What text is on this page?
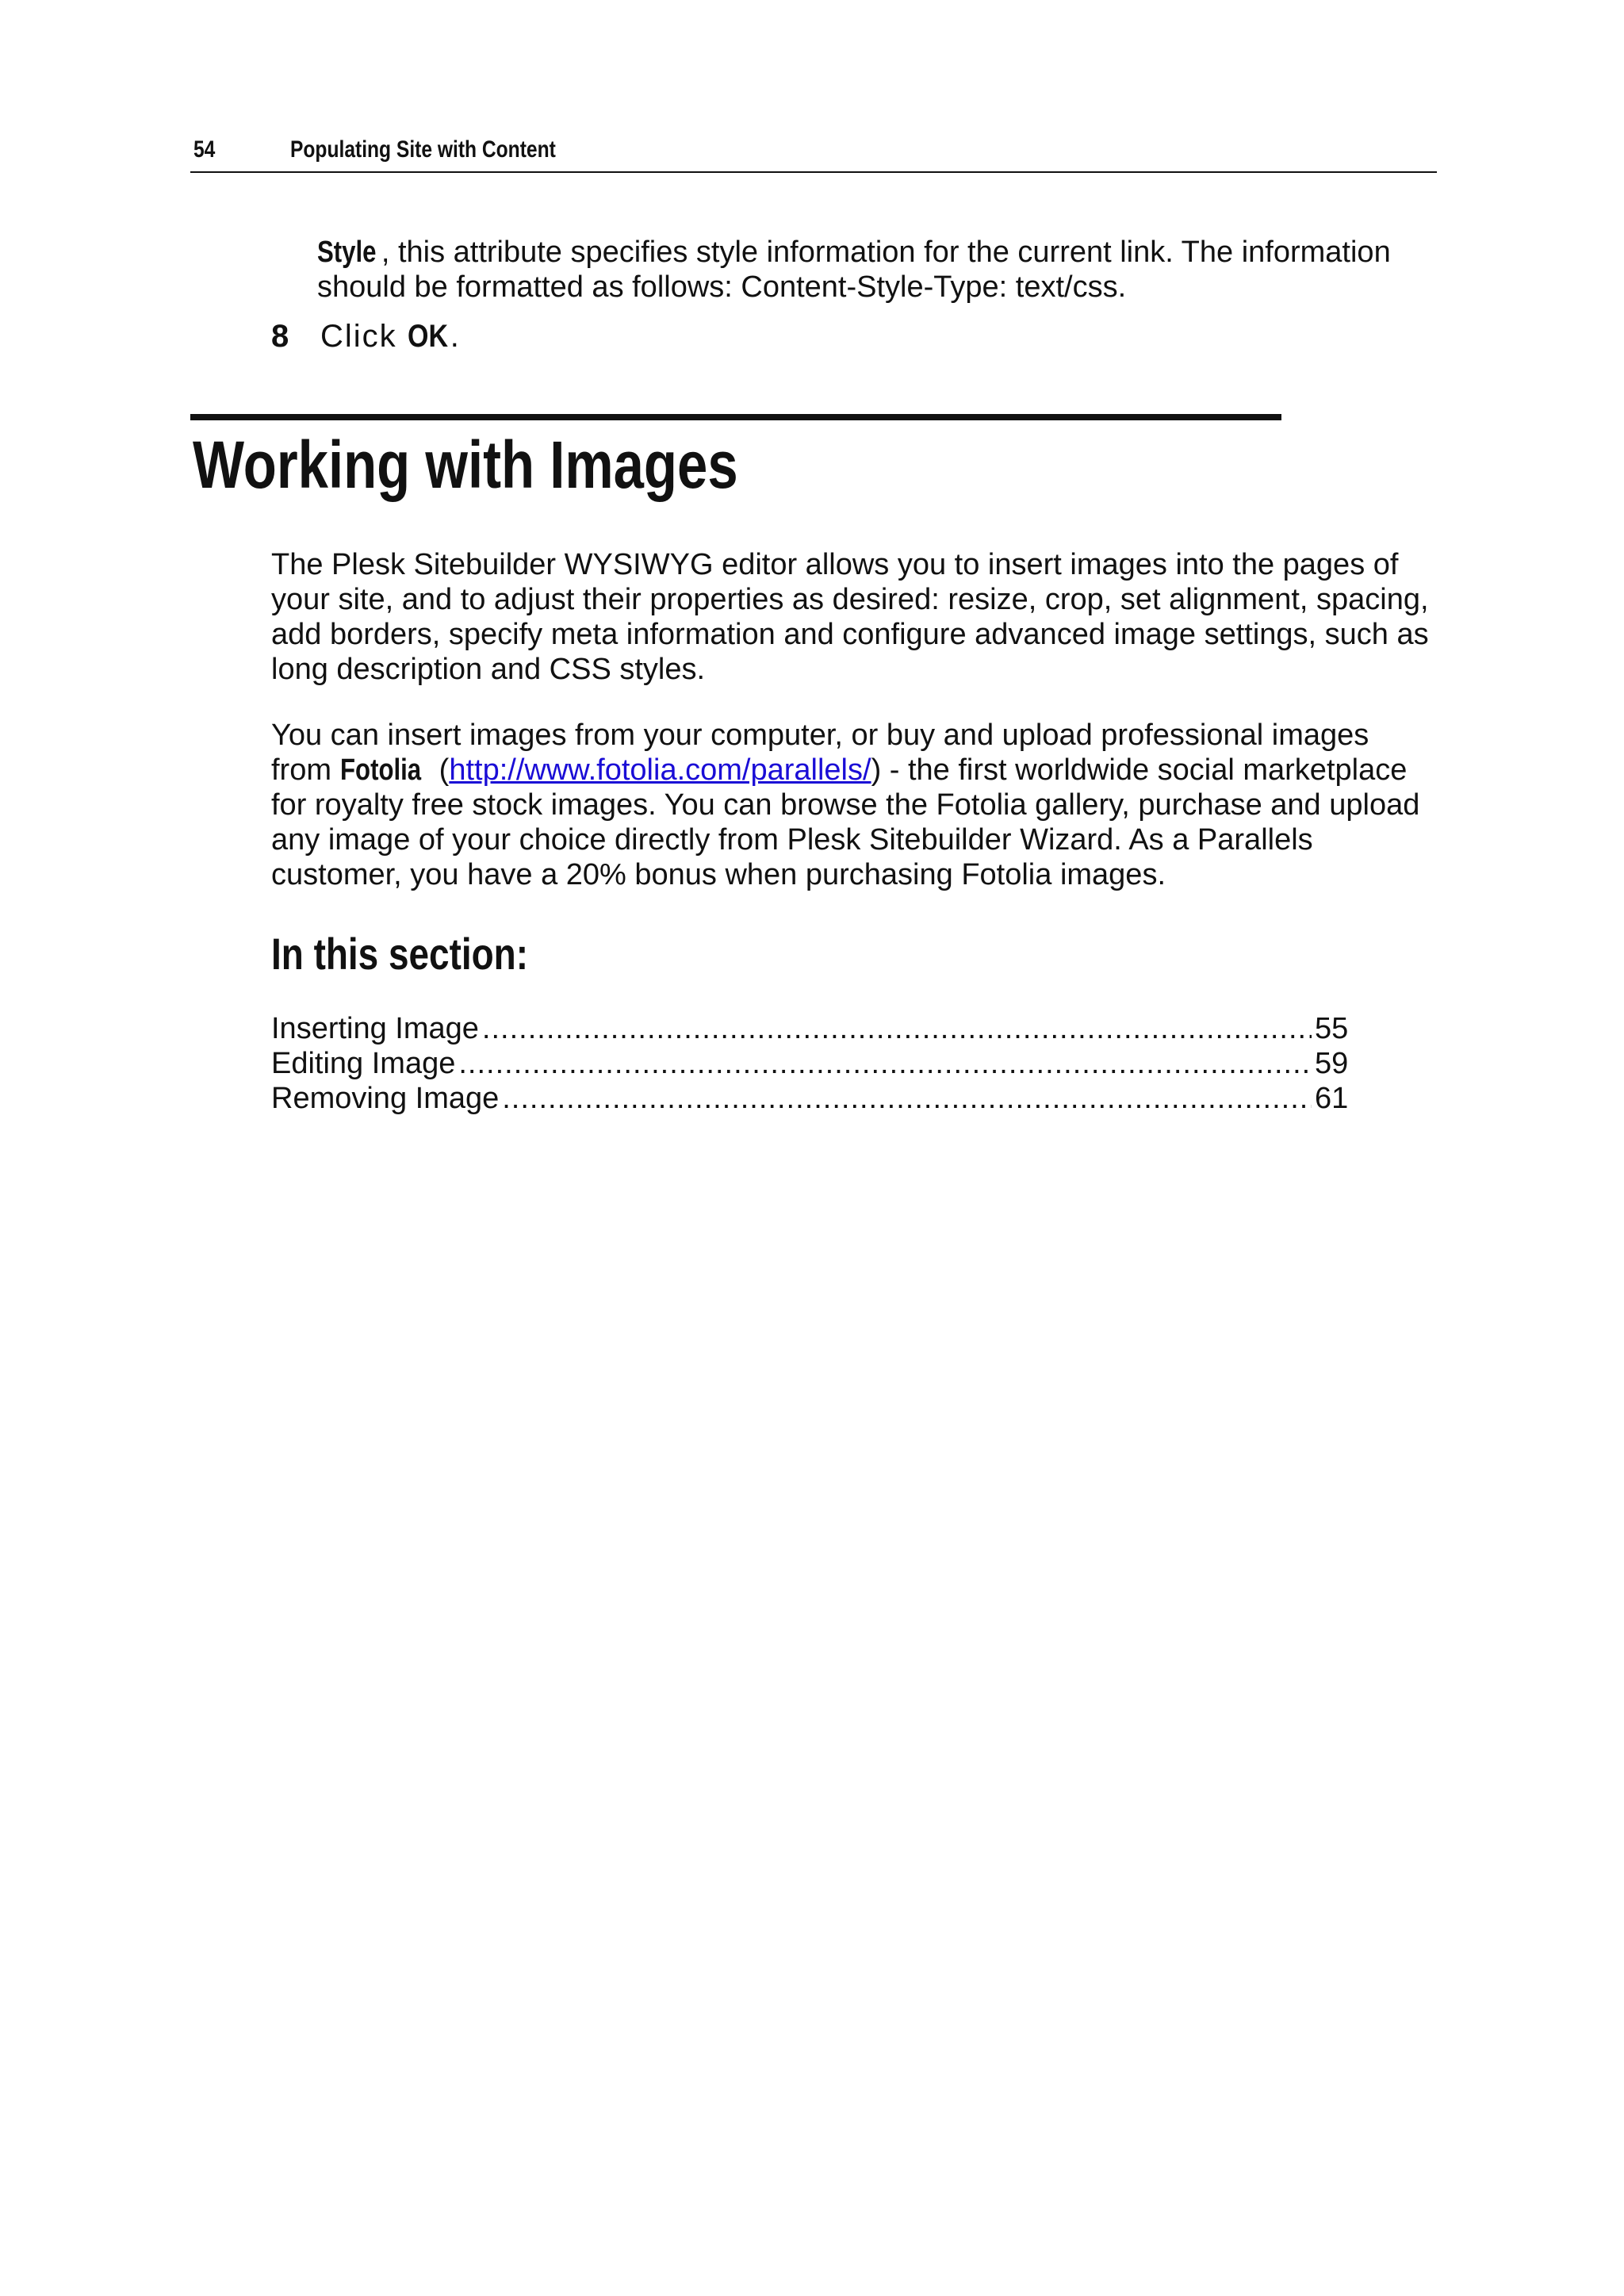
54	Populating Site with Content
Style , this attribute specifies style information for the current link. The information should be formatted as follows: Content-Style-Type: text/css.
8 Click OK.
Working with Images

The Plesk Sitebuilder WYSIWYG editor allows you to insert images into the pages of your site, and to adjust their properties as desired: resize, crop, set alignment, spacing, add borders, specify meta information and configure advanced image settings, such as long description and CSS styles.

You can insert images from your computer, or buy and upload professional images from Fotolia (http://www.fotolia.com/parallels/) - the first worldwide social marketplace for royalty free stock images. You can browse the Fotolia gallery, purchase and upload any image of your choice directly from Plesk Sitebuilder Wizard. As a Parallels customer, you have a 20% bonus when purchasing Fotolia images.

In this section:
Inserting Image .....	55
Editing Image .....	59
Removing Image .....	61
